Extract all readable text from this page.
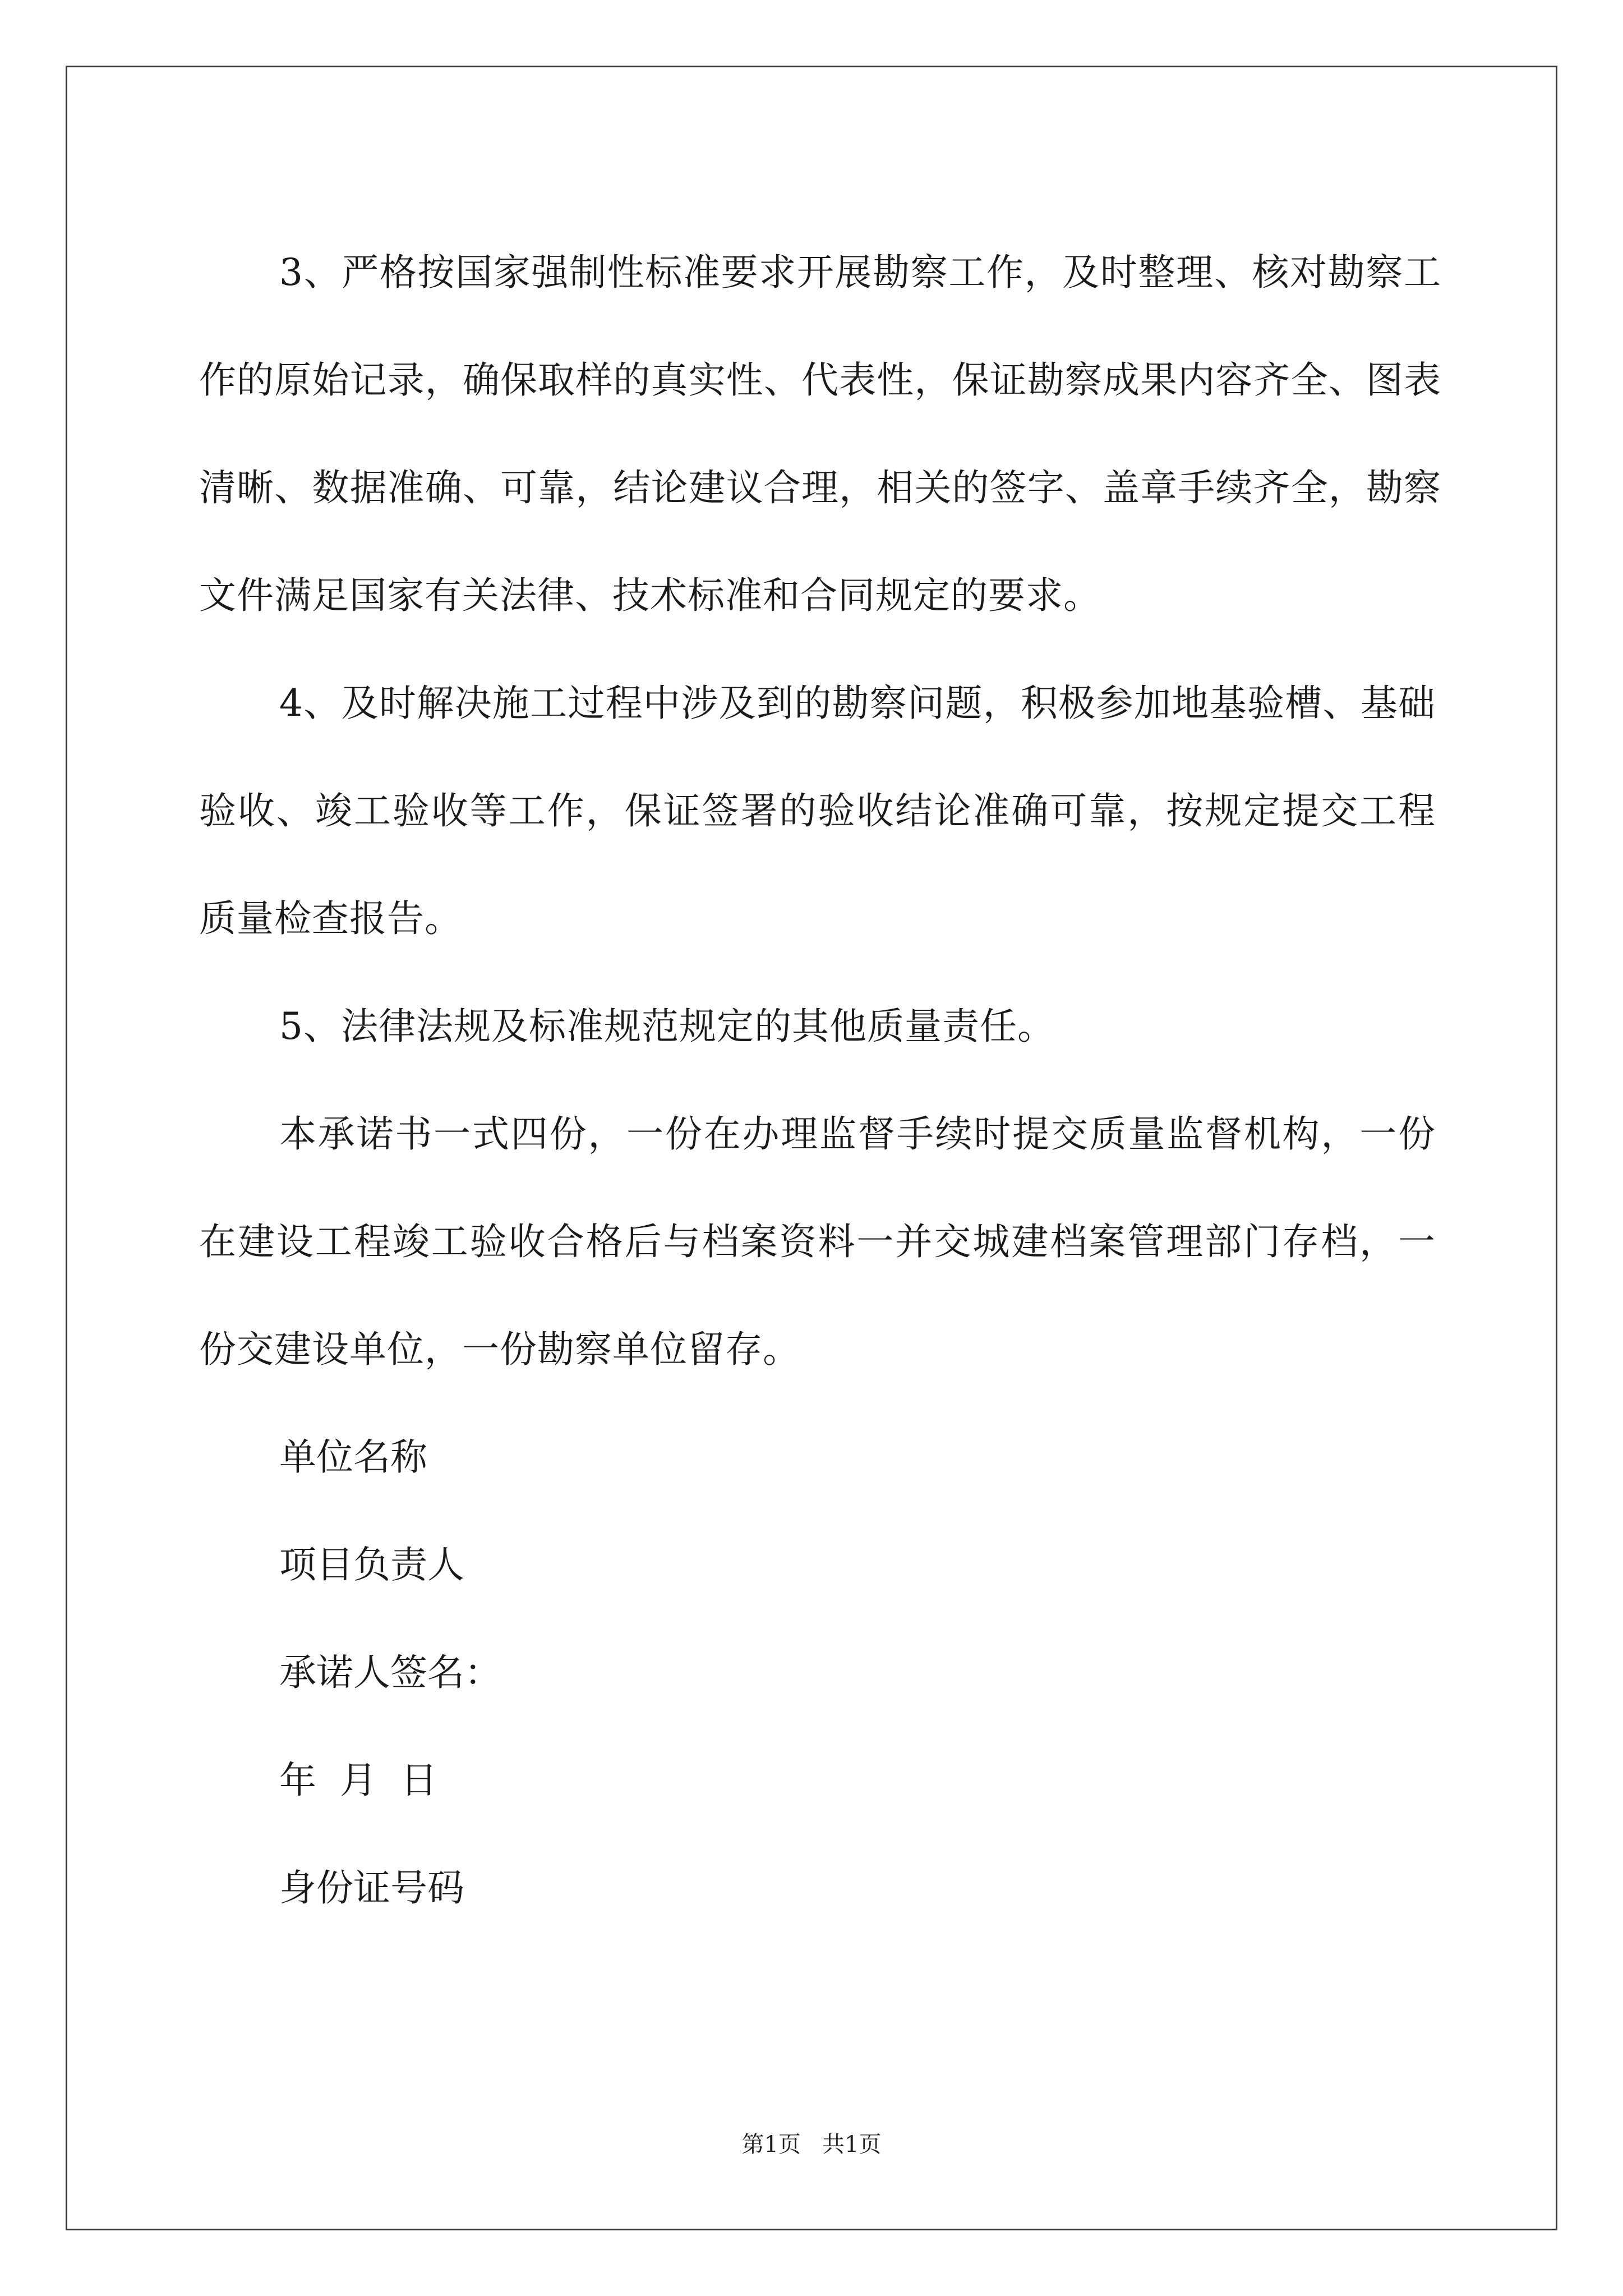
3、严格按国家强制性标准要求开展勘察工作，及时整理、核对勘察工作的原始记录，确保取样的真实性、代表性，保证勘察成果内容齐全、图表清晰、数据准确、可靠，结论建议合理，相关的签字、盖章手续齐全，勘察文件满足国家有关法律、技术标准和合同规定的要求。

4、及时解决施工过程中涉及到的勘察问题，积极参加地基验槽、基础验收、竣工验收等工作，保证签署的验收结论准确可靠，按规定提交工程质量检查报告。

5、法律法规及标准规范规定的其他质量责任。

本承诺书一式四份，一份在办理监督手续时提交质量监督机构，一份在建设工程竣工验收合格后与档案资料一并交城建档案管理部门存档，一份交建设单位，一份勘察单位留存。

单位名称

项目负责人

承诺人签名：

年  月  日

身份证号码

第1页   共1页
